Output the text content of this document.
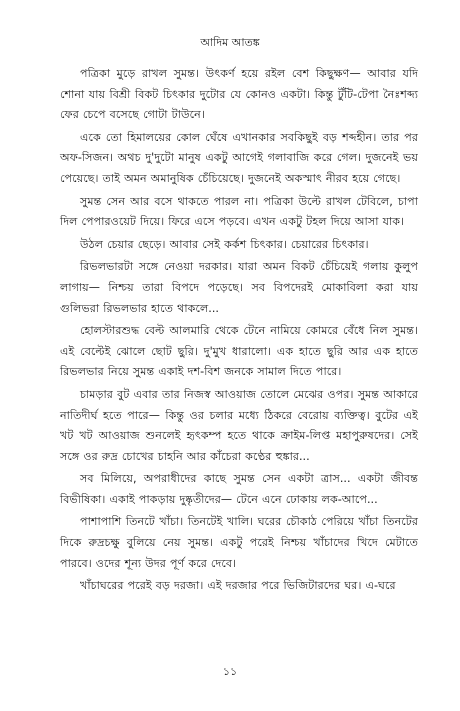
আদিম আতঙ্ক

পত্রিকা মুড়ে রাখল সুমন্ত। উৎকর্ণ হয়ে রইল বেশ কিছুক্ষণ— আবার যদি শোনা যায় বিশ্রী বিকট চিৎকার দুটোর যে কোনও একটা। কিন্তু টুঁটি-টেপা নৈঃশব্দ্য ফের চেপে বসেছে গোটা টাউনে।

একে তো হিমালয়ের কোল ঘেঁষে এখানকার সবকিছুই বড় শব্দহীন। তার পর অফ-সিজন। অথচ দু'দুটো মানুষ একটু আগেই গলাবাজি করে গেল। দুজনেই ভয় পেয়েছে। তাই অমন অমানুষিক চেঁচিয়েছে। দুজনেই অকস্মাৎ নীরব হয়ে গেছে।

সুমন্ত সেন আর বসে থাকতে পারল না। পত্রিকা উল্টে রাখল টেবিলে, চাপা দিল পেপারওয়েট দিয়ে। ফিরে এসে পড়বে। এখন একটু টহল দিয়ে আসা যাক।

উঠল চেয়ার ছেড়ে। আবার সেই কর্কশ চিৎকার। চেয়ারের চিৎকার।

রিভলভারটা সঙ্গে নেওয়া দরকার। যারা অমন বিকট চেঁচিয়েই গলায় কুলুপ লাগায়— নিশ্চয় তারা বিপদে পড়েছে। সব বিপদেরই মোকাবিলা করা যায় গুলিভরা রিভলভার হাতে থাকলে...

হোলস্টারশুদ্ধ বেল্ট আলমারি থেকে টেনে নামিয়ে কোমরে বেঁধে নিল সুমন্ত। এই বেল্টেই ঝোলে ছোট ছুরি। দু'মুখ ধারালো। এক হাতে ছুরি আর এক হাতে রিভলভার নিয়ে সুমন্ত একাই দশ-বিশ জনকে সামাল দিতে পারে।

চামড়ার বুট এবার তার নিজস্ব আওয়াজ তোলে মেঝের ওপর। সুমন্ত আকারে নাতিদীর্ঘ হতে পারে— কিন্তু ওর চলার মধ্যে ঠিকরে বেরোয় ব্যক্তিত্ব। বুটের এই খট খট আওয়াজ শুনলেই হৃৎকম্প হতে থাকে ক্রাইম-লিপ্ত মহাপুরুষদের। সেই সঙ্গে ওর রুদ্র চোখের চাহনি আর কাঁচেরা কণ্ঠের হুঙ্কার...

সব মিলিয়ে, অপরাধীদের কাছে সুমন্ত সেন একটা ত্রাস... একটা জীবন্ত বিভীষিকা। একাই পাকড়ায় দুষ্কৃতীদের— টেনে এনে ঢোকায় লক-আপে...

পাশাপাশি তিনটে খাঁচা। তিনটেই খালি। ঘরের চৌকাঠ পেরিয়ে খাঁচা তিনটের দিকে রুদ্রচক্ষু বুলিয়ে নেয় সুমন্ত। একটু পরেই নিশ্চয় খাঁচাদের খিদে মেটাতে পারবে। ওদের শূন্য উদর পূর্ণ করে দেবে।

খাঁচাঘরের পরেই বড় দরজা। এই দরজার পরে ভিজিটারদের ঘর। এ-ঘরে

১১
